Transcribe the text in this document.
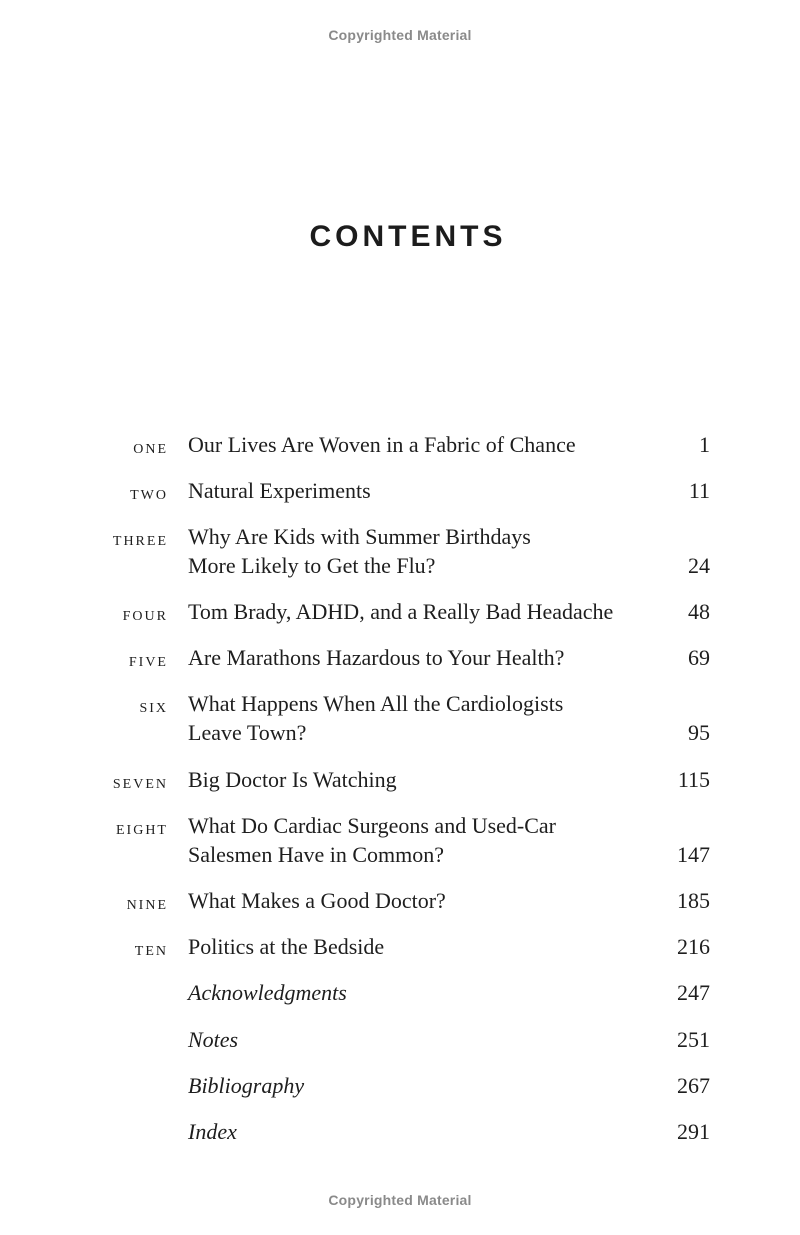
Copyrighted Material
CONTENTS
one Our Lives Are Woven in a Fabric of Chance	1
two Natural Experiments	11
three Why Are Kids with Summer Birthdays
More Likely to Get the Flu?	24
four Tom Brady, ADHD, and a Really Bad Headache	48
five Are Marathons Hazardous to Your Health?	69
six What Happens When All the Cardiologists
Leave Town?	95
seven Big Doctor Is Watching	115
eight What Do Cardiac Surgeons and Used-Car
Salesmen Have in Common?	147
nine What Makes a Good Doctor?	185
ten Politics at the Bedside	216
Acknowledgments	247
Notes	251
Bibliography	267
Index	291
Copyrighted Material
